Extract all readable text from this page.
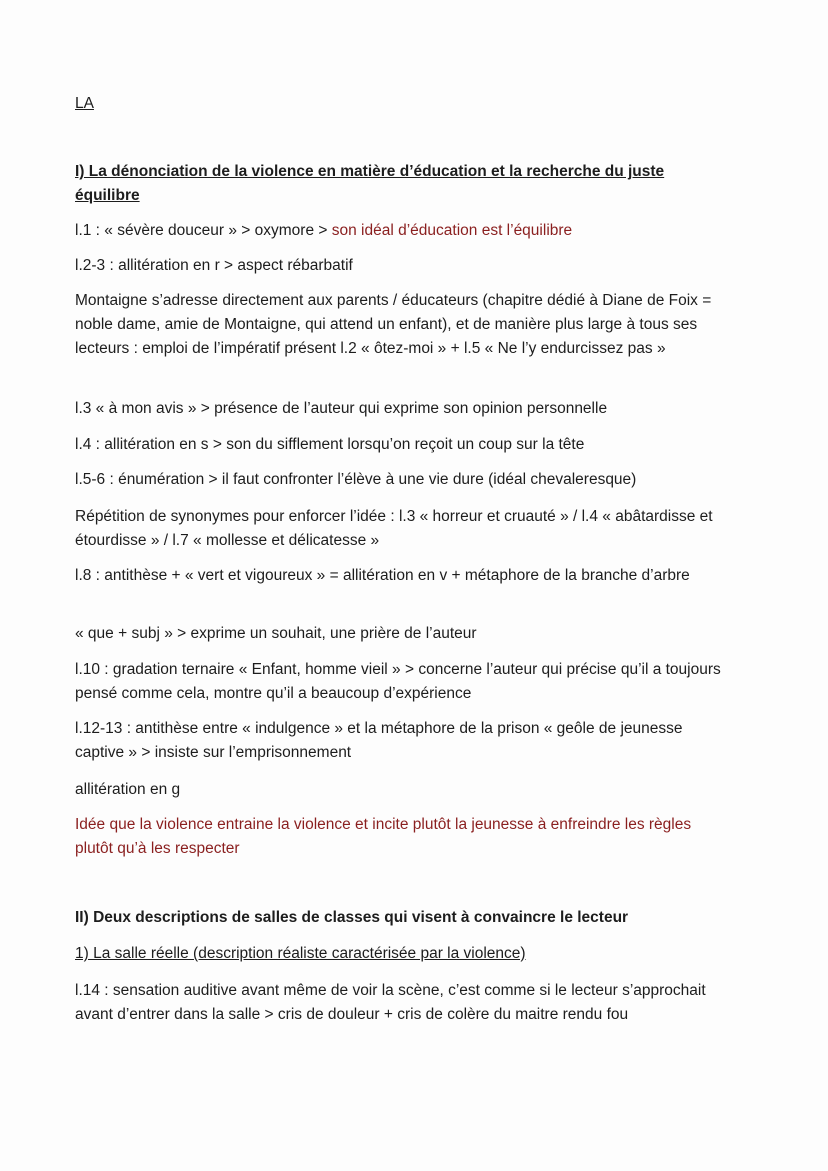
LA

I) La dénonciation de la violence en matière d’éducation et la recherche du juste équilibre

l.1 : « sévère douceur » > oxymore > son idéal d’éducation est l’équilibre

l.2-3 : allitération en r > aspect rébarbatif

Montaigne s’adresse directement aux parents / éducateurs (chapitre dédié à Diane de Foix = noble dame, amie de Montaigne, qui attend un enfant), et de manière plus large à tous ses lecteurs : emploi de l’impératif présent l.2 « ôtez-moi » + l.5 « Ne l’y endurcissez pas »

l.3 « à mon avis » > présence de l’auteur qui exprime son opinion personnelle

l.4 : allitération en s > son du sifflement lorsqu’on reçoit un coup sur la tête

l.5-6 : énumération > il faut confronter l’élève à une vie dure (idéal chevaleresque)

Répétition de synonymes pour enforcer l’idée : l.3 « horreur et cruauté » / l.4 « abâtardisse et étourdisse » / l.7 « mollesse et délicatesse »

l.8 : antithèse + « vert et vigoureux » = allitération en v + métaphore de la branche d’arbre

« que + subj » > exprime un souhait, une prière de l’auteur

l.10 : gradation ternaire « Enfant, homme vieil » > concerne l’auteur qui précise qu’il a toujours pensé comme cela, montre qu’il a beaucoup d’expérience

l.12-13 : antithèse entre « indulgence » et la métaphore de la prison « geôle de jeunesse captive » > insiste sur l’emprisonnement

allitération en g

Idée que la violence entraine la violence et incite plutôt la jeunesse à enfreindre les règles plutôt qu’à les respecter

II) Deux descriptions de salles de classes qui visent à convaincre le lecteur

1) La salle réelle (description réaliste caractérisée par la violence)

l.14 : sensation auditive avant même de voir la scène, c’est comme si le lecteur s’approchait avant d’entrer dans la salle > cris de douleur + cris de colère du maitre rendu fou
